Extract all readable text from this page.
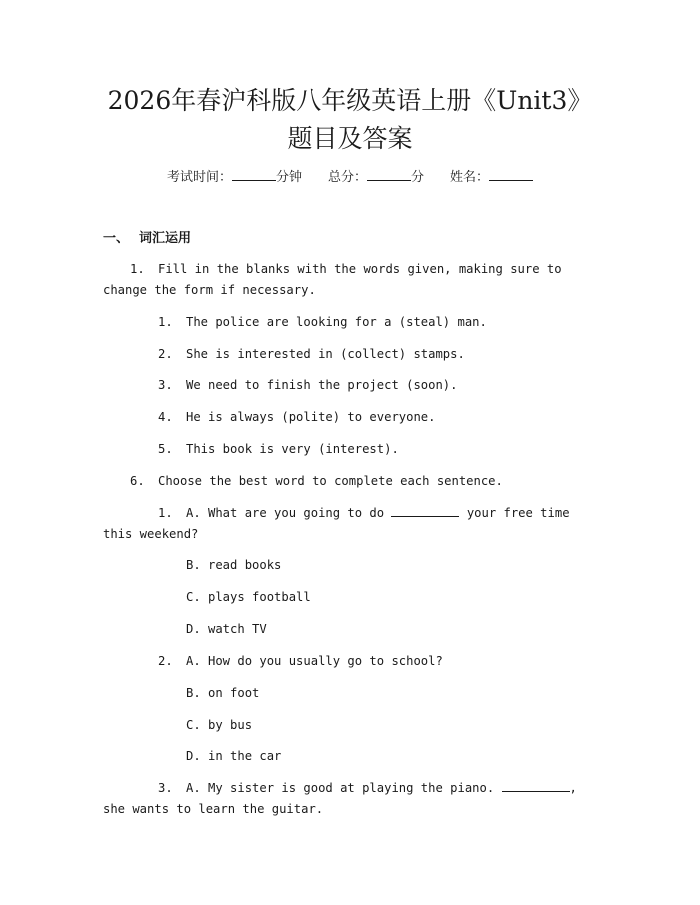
2026年春沪科版八年级英语上册《Unit3》
题目及答案
考试时间：	分钟 总分：	分 姓名：
一、 词汇运用
1. Fill in the blanks with the words given, making sure to change the form if necessary.
1. The police are looking for a (steal) man.
2. She is interested in (collect) stamps.
3. We need to finish the project (soon).
4. He is always (polite) to everyone.
5. This book is very (interest).
6. Choose the best word to complete each sentence.
1. A. What are you going to do	your free time this weekend?
B. read books
C. plays football
D. watch TV
2. A. How do you usually go to school?
B. on foot
C. by bus
D. in the car
3. A. My sister is good at playing the piano.	, she wants to learn the guitar.
